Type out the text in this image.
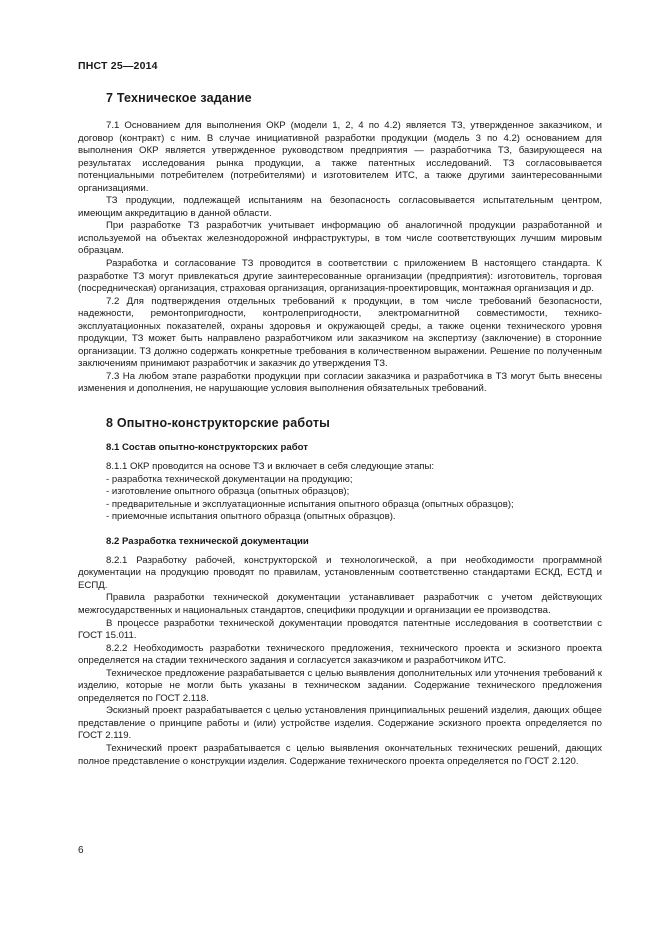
ПНСТ 25—2014
7 Техническое задание

7.1 Основанием для выполнения ОКР (модели 1, 2, 4 по 4.2) является ТЗ, утвержденное заказчиком, и договор (контракт) с ним. В случае инициативной разработки продукции (модель 3 по 4.2) основанием для выполнения ОКР является утвержденное руководством предприятия — разработчика ТЗ, базирующееся на результатах исследования рынка продукции, а также патентных исследований. ТЗ согласовывается потенциальными потребителем (потребителями) и изготовителем ИТС, а также другими заинтересованными организациями.

ТЗ продукции, подлежащей испытаниям на безопасность согласовывается испытательным центром, имеющим аккредитацию в данной области.

При разработке ТЗ разработчик учитывает информацию об аналогичной продукции разработанной и используемой на объектах железнодорожной инфраструктуры, в том числе соответствующих лучшим мировым образцам.

Разработка и согласование ТЗ проводится в соответствии с приложением В настоящего стандарта. К разработке ТЗ могут привлекаться другие заинтересованные организации (предприятия): изготовитель, торговая (посредническая) организация, страховая организация, организация-проектировщик, монтажная организация и др.

7.2 Для подтверждения отдельных требований к продукции, в том числе требований безопасности, надежности, ремонтопригодности, контролепригодности, электромагнитной совместимости, технико-эксплуатационных показателей, охраны здоровья и окружающей среды, а также оценки технического уровня продукции, ТЗ может быть направлено разработчиком или заказчиком на экспертизу (заключение) в сторонние организации. ТЗ должно содержать конкретные требования в количественном выражении. Решение по полученным заключениям принимают разработчик и заказчик до утверждения ТЗ.

7.3 На любом этапе разработки продукции при согласии заказчика и разработчика в ТЗ могут быть внесены изменения и дополнения, не нарушающие условия выполнения обязательных требований.

8 Опытно-конструкторские работы
8.1 Состав опытно-конструкторских работ

8.1.1 ОКР проводится на основе ТЗ и включает в себя следующие этапы:

- разработка технической документации на продукцию;

- изготовление опытного образца (опытных образцов);

- предварительные и эксплуатационные испытания опытного образца (опытных образцов);

- приемочные испытания опытного образца (опытных образцов).

8.2 Разработка технической документации

8.2.1 Разработку рабочей, конструкторской и технологической, а при необходимости программной документации на продукцию проводят по правилам, установленным соответственно стандартами ЕСКД, ЕСТД и ЕСПД.

Правила разработки технической документации устанавливает разработчик с учетом действующих межгосударственных и национальных стандартов, специфики продукции и организации ее производства.

В процессе разработки технической документации проводятся патентные исследования в соответствии с ГОСТ 15.011.

8.2.2 Необходимость разработки технического предложения, технического проекта и эскизного проекта определяется на стадии технического задания и согласуется заказчиком и разработчиком ИТС.

Техническое предложение разрабатывается с целью выявления дополнительных или уточнения требований к изделию, которые не могли быть указаны в техническом задании. Содержание технического предложения определяется по ГОСТ 2.118.

Эскизный проект разрабатывается с целью установления принципиальных решений изделия, дающих общее представление о принципе работы и (или) устройстве изделия. Содержание эскизного проекта определяется по ГОСТ 2.119.

Технический проект разрабатывается с целью выявления окончательных технических решений, дающих полное представление о конструкции изделия. Содержание технического проекта определяется по ГОСТ 2.120.

6
